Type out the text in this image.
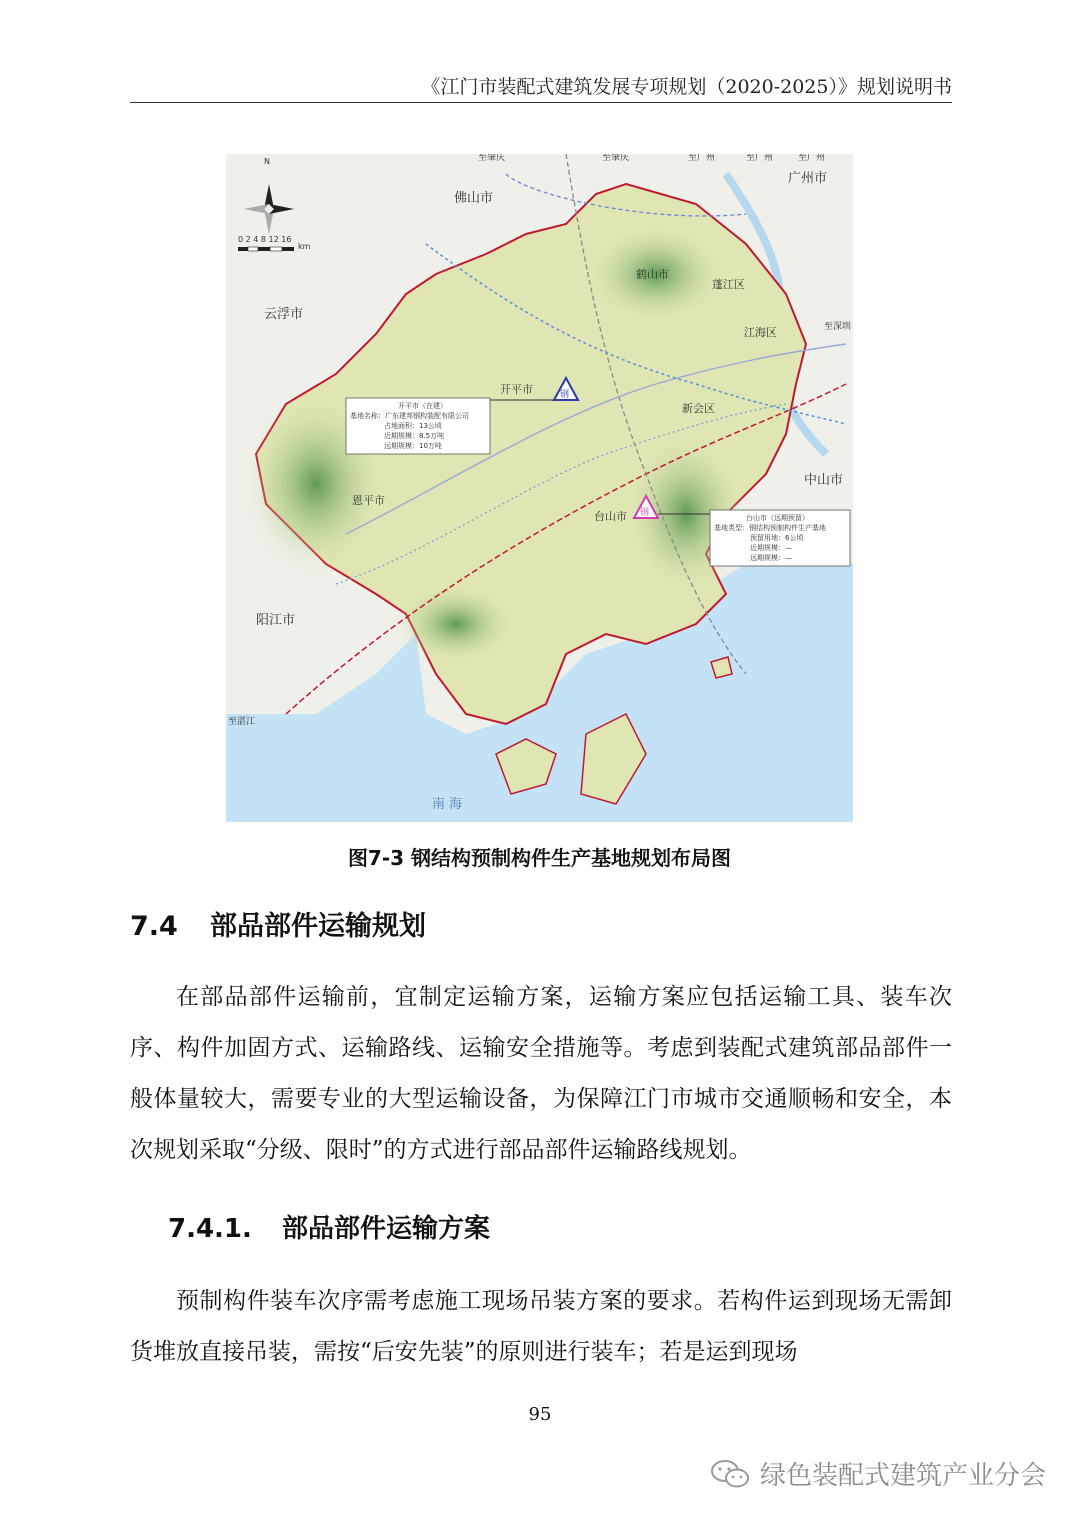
《江门市装配式建筑发展专项规划（2020-2025）》规划说明书
N
0 2 4 8 12 16
km
佛山市
广州市
云浮市
阳江市
中山市
南 海
鹤山市
蓬江区
江海区
新会区
开平市
恩平市
台山市
至肇庆	至肇庆	至广州	至广州	至广州
至深圳
至湛江
钢
开平市（在建）
基地名称：广东建邦钢构装配有限公司
占地面积：13公顷
近期规模：8.5万吨
远期规模：10万吨
钢	台山市（远期预留）
基地类型：钢结构预制构件生产基地
预留用地：6公顷
近期规模：—
远期规模：—
图7-3 钢结构预制构件生产基地规划布局图
7.4 部品部件运输规划

在部品部件运输前，宜制定运输方案，运输方案应包括运输工具、装车次序、构件加固方式、运输路线、运输安全措施等。考虑到装配式建筑部品部件一般体量较大，需要专业的大型运输设备，为保障江门市城市交通顺畅和安全，本次规划采取“分级、限时”的方式进行部品部件运输路线规划。

7.4.1. 部品部件运输方案

预制构件装车次序需考虑施工现场吊装方案的要求。若构件运到现场无需卸货堆放直接吊装，需按“后安先装”的原则进行装车；若是运到现场

95
绿色装配式建筑产业分会
